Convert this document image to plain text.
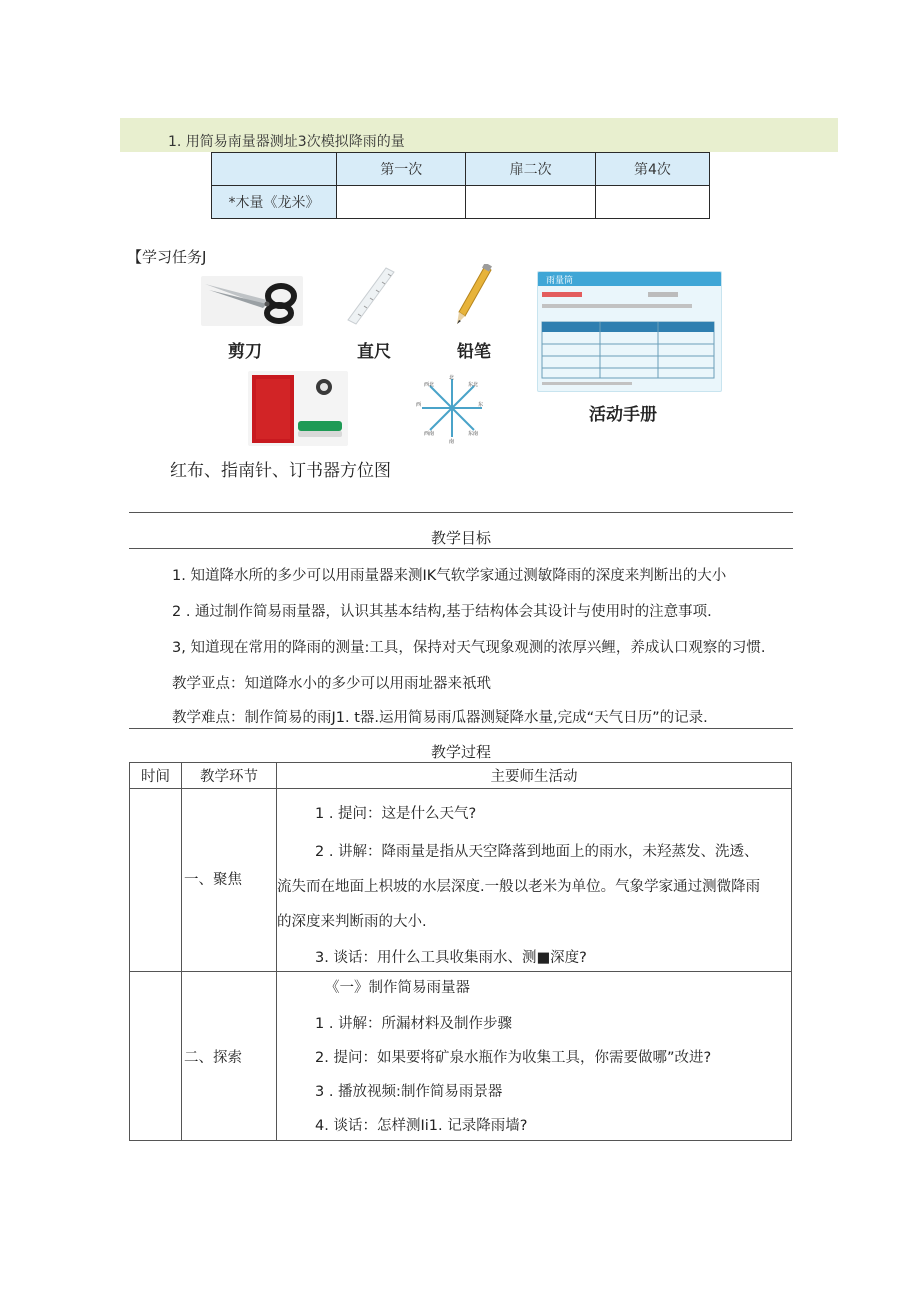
1. 用简易南量器测址3次模拟降雨的量
	第一次	扉二次	第4次
*木量《龙米》			
【学习任务J
剪刀	直尺	铅笔
雨量筒
活动手册
北
东北
东
东南
南
西南
西
西北
红布、指南针、订书器方位图
教学目标
1. 知道降水所的多少可以用雨量器来测IK气软学家通过测敏降雨的深度来判断出的大小
2 . 通过制作简易雨量器，认识其基本结构,基于结构体会其设计与使用时的注意事项.
3, 知道现在常用的降雨的测量:工具，保持对天气现象观测的浓厚兴鲤，养成认口观察的习惯.
教学亚点：知道降水小的多少可以用雨址器来祇玳
教学难点：制作简易的雨J1. t器.运用简易雨瓜器测疑降水量,完成“天气日历”的记录.
教学过程
时间	教学环节	主要师生活动

	一、聚焦	1 . 提问：这是什么天气?
2 . 讲解：降雨量是指从天空降落到地面上的雨水，未羟蒸发、洗透、
流失而在地面上枳坡的水层深度.一般以老米为单位。气象学家通过测微降雨
的深度来判断雨的大小.
3. 谈话：用什么工具收集雨水、测■深度?

	二、探索	《一》制作简易雨量器
1 . 讲解：所漏材料及制作步骤
2. 提问：如果要将矿泉水瓶作为收集工具，你需要做哪”改进?
3 . 播放视频:制作简易雨景器
4. 谈话：怎样测Ii1. 记录降雨墙?
